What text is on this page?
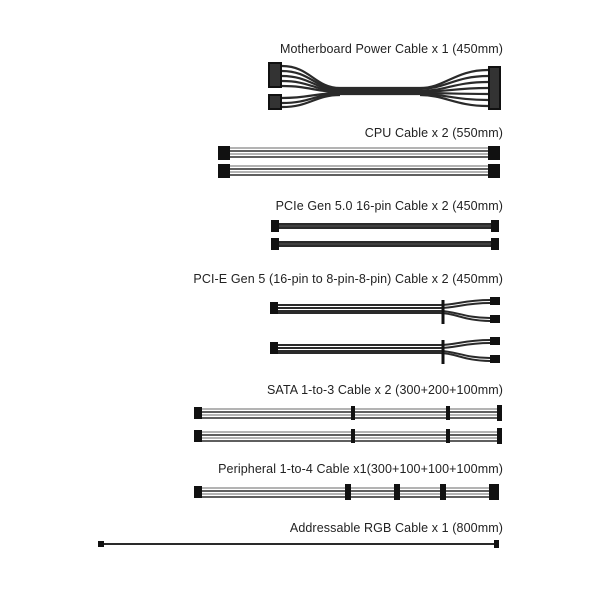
Motherboard Power Cable x 1 (450mm)
CPU Cable x 2 (550mm)
PCIe Gen 5.0 16-pin Cable x 2 (450mm)
PCI-E Gen 5 (16-pin to 8-pin-8-pin) Cable x 2 (450mm)
SATA 1-to-3 Cable x 2 (300+200+100mm)
Peripheral 1-to-4 Cable x1(300+100+100+100mm)
Addressable RGB Cable x 1 (800mm)
